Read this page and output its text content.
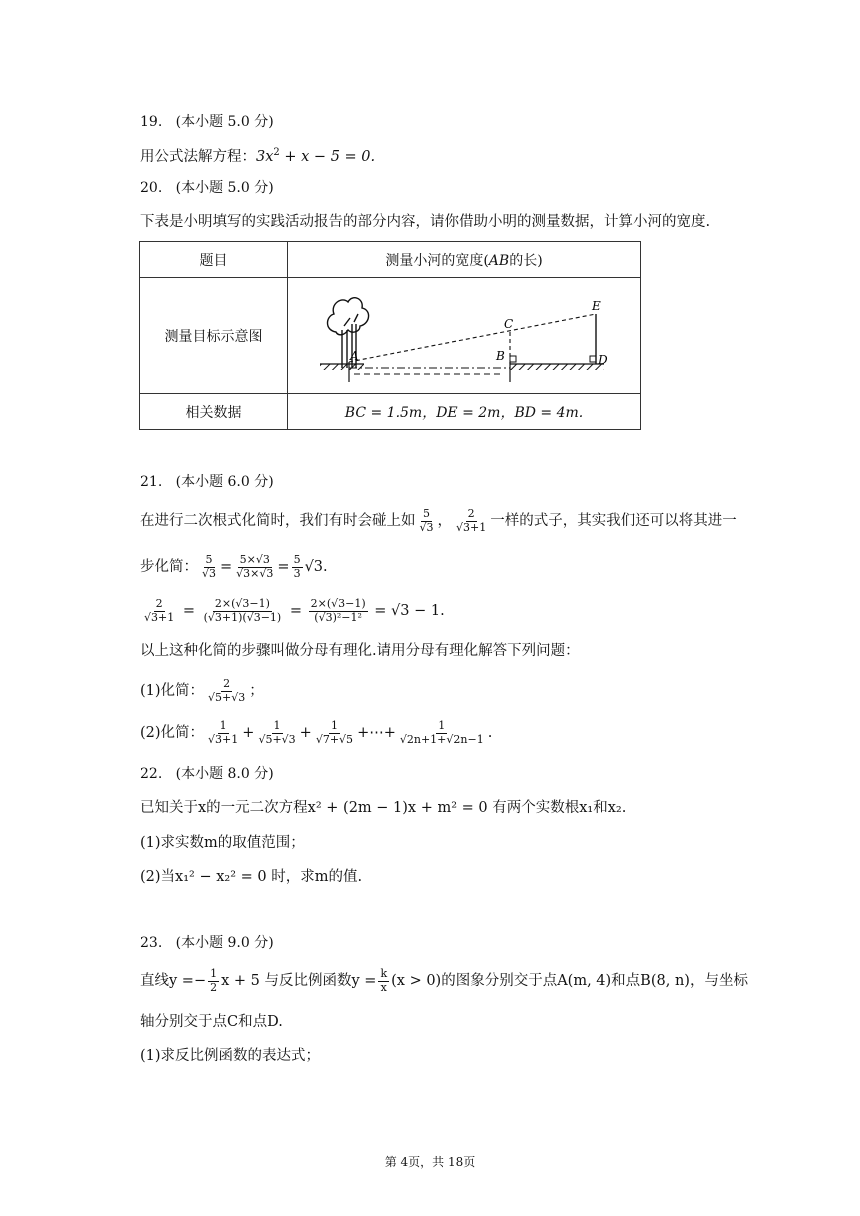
19.   (本小题 5.0 分)
用公式法解方程：$3x^2 + x - 5 = 0$.
20.   (本小题 5.0 分)
下表是小明填写的实践活动报告的部分内容，请你借助小明的测量数据，计算小河的宽度.
题目	测量小河的宽度(AB的长)
测量目标示意图	A B
C
D
E

相关数据	BC = 1.5m，DE = 2m，BD = 4m.
21.   (本小题 6.0 分)
在进行二次根式化简时，我们有时会碰上如 $\frac{5}{√3}$ ， $\frac{2}{√3+1}$ 一样的式子，其实我们还可以将其进一
步化简： $\frac{5}{√3} = \frac{5\times√3}{√3\times√3} = \frac{5}{3} √3$.
$\frac{2}{√3+1} = \frac{2\times(√3-1)}{(√3+1)(√3-1)} = \frac{2\times(√3-1)}{\text{(√3)²−1²}} = √3 - 1$.
以上这种化简的步骤叫做分母有理化.请用分母有理化解答下列问题：
(1)化简： $\frac{2}{√5+√3}$ ；
(2)化简： $\frac{1}{√3+1} + \frac{1}{√5+√3} + \frac{1}{√7+√5}$ +⋯+ $\frac{1}{√2n+1+√2n-1}$ .
22.   (本小题 8.0 分)
已知关于x的一元二次方程x² + (2m − 1)x + m² = 0 有两个实数根x₁和x₂.
(1)求实数m的取值范围；
(2)当x₁² − x₂² = 0 时，求m的值.
23.   (本小题 9.0 分)
直线$y =- \frac{1}{2}$ x + 5 与反比例函数$y = \frac{k}{x} (x > 0)$的图象分别交于点A(m, 4)和点B(8, n)，与坐标
轴分别交于点C和点D.
(1)求反比例函数的表达式；
第 4页，共 18页
